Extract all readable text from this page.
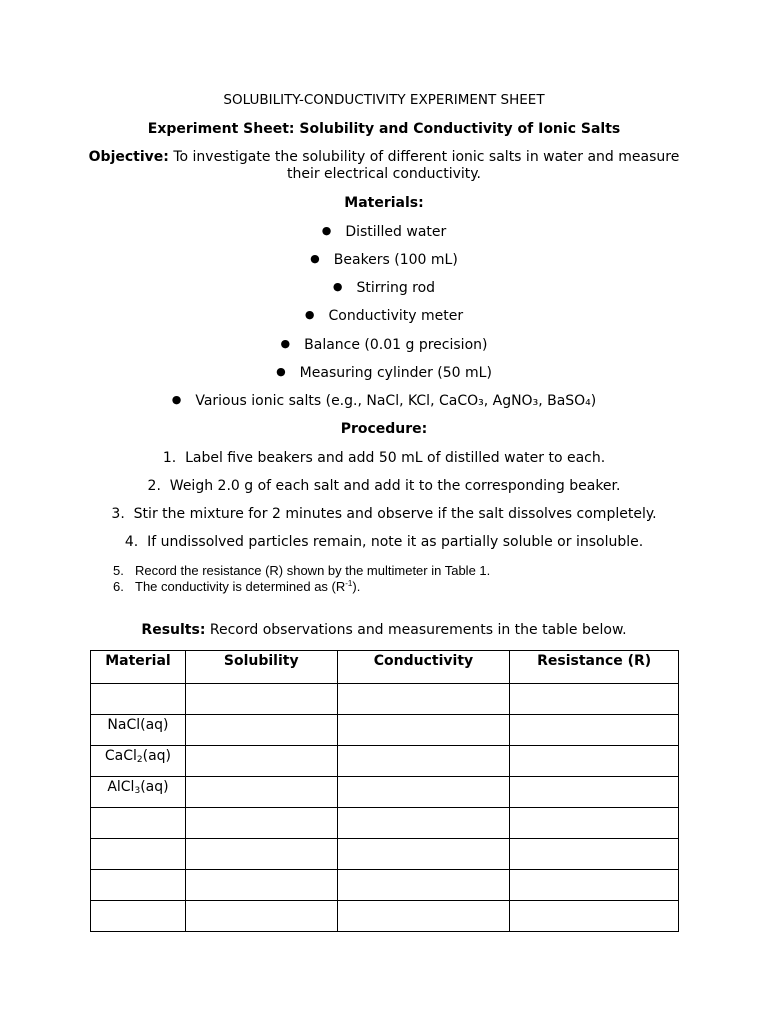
SOLUBILITY-CONDUCTIVITY EXPERIMENT SHEET
Experiment Sheet: Solubility and Conductivity of Ionic Salts
Objective: To investigate the solubility of different ionic salts in water and measure
their electrical conductivity.
Materials:
● Distilled water
● Beakers (100 mL)
● Stirring rod
● Conductivity meter
● Balance (0.01 g precision)
● Measuring cylinder (50 mL)
● Various ionic salts (e.g., NaCl, KCl, CaCO₃, AgNO₃, BaSO₄)
Procedure:
1. Label five beakers and add 50 mL of distilled water to each.
2. Weigh 2.0 g of each salt and add it to the corresponding beaker.
3. Stir the mixture for 2 minutes and observe if the salt dissolves completely.
4. If undissolved particles remain, note it as partially soluble or insoluble.
5. Record the resistance (R) shown by the multimeter in Table 1.
6. The conductivity is determined as $(R^{-1})$.
Results: Record observations and measurements in the table below.
Material	Solubility	Conductivity	Resistance (R)

NaCl(aq)			
CaCl$_2$(aq)			
AlCl$_3$(aq)			
